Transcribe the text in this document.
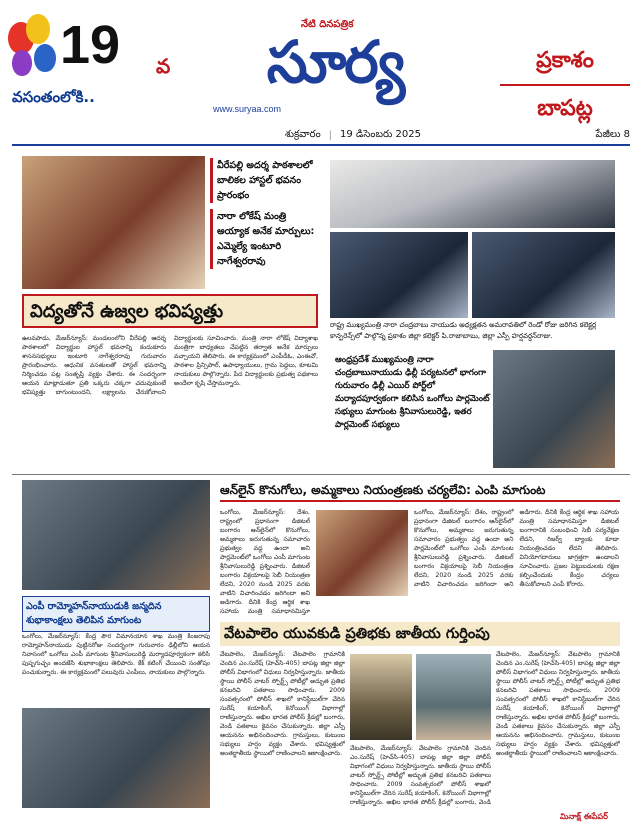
19 వ
వసంతంలోకి..
నేటి దినపత్రిక
సూర్య
www.suryaa.com
ప్రకాశం
బాపట్ల
శుక్రవారం | 19 డిసెంబరు 2025	పేజీలు 8
వీరేపల్లి అదర్శ పాఠశాలలో బాలికల హాస్టల్ భవనం ప్రారంభం
నారా లోకేష్ మంత్రి అయ్యాక అనేక మార్పులు: ఎమ్మెల్యే ఇంటూరి నాగేశ్వరరావు
విద్యతోనే ఉజ్వల భవిష్యత్తు
ఉలవపాడు, మేజర్‌న్యూస్‌: మండలంలోని వీరేపల్లి ఆదర్శ పాఠశాలలో విద్యార్థుల హాస్టల్ భవనాన్ని కందుకూరు శాసనసభ్యులు ఇంటూరి నాగేశ్వరరావు గురువారం ప్రారంభించారు. ఆధునిక వసతులతో హాస్టల్ భవనాన్ని నిర్మించడం పట్ల సంతృప్తి వ్యక్తం చేశారు. ఈ సందర్భంగా ఆయన మాట్లాడుతూ ప్రతి ఒక్కరు చక్కగా చదువుకుంటే భవిష్యత్తు బాగుంటుందని, లక్ష్యాలను చేరుకోవాలని విద్యార్థులకు సూచించారు. మంత్రి నారా లోకేష్ విద్యాశాఖ మంత్రిగా బాధ్యతలు చేపట్టిన తర్వాత అనేక మార్పులు వచ్చాయని తెలిపారు. ఈ కార్యక్రమంలో ఎంపీడీఓ, ఎంఈవో, పాఠశాల ప్రిన్సిపాల్, ఉపాధ్యాయులు, గ్రామ పెద్దలు, కూటమి నాయకులు పాల్గొన్నారు. పేద విద్యార్థులకు ప్రభుత్వ పథకాలు అందేలా కృషి చేస్తామన్నారు.
రాష్ట్ర ముఖ్యమంత్రి నారా చంద్రబాబు నాయుడు అధ్యక్షతన అమరావతిలో రెండో రోజు జరిగిన కలెక్టర్ల కాన్ఫరెన్స్‌లో పాల్గొన్న ప్రకాశం జిల్లా కలెక్టర్ పి.రాజాబాబు, జిల్లా ఎస్పీ హర్షవర్ధన్‌రాజు.
ఆంధ్రప్రదేశ్ ముఖ్యమంత్రి నారా చంద్రబాబునాయుడు ఢిల్లీ పర్యటనలో భాగంగా గురువారం ఢిల్లీ ఎయిర్ పోర్ట్‌లో మర్యాదపూర్వకంగా కలిసిన ఒంగోలు పార్లమెంట్ సభ్యులు మాగుంట శ్రీనివాసులురెడ్డి, ఇతర పార్లమెంట్ సభ్యులు
ఎంపీ రామ్మోహన్‌నాయుడుకి జన్మదిన శుభాకాంక్షలు తెలిపిన మాగుంట
ఒంగోలు, మేజర్‌న్యూస్‌: కేంద్ర పౌర విమానయాన శాఖ మంత్రి కింజరాపు రామ్మోహన్‌నాయుడు పుట్టినరోజు సందర్భంగా గురువారం ఢిల్లీలోని ఆయన నివాసంలో ఒంగోలు ఎంపీ మాగుంట శ్రీనివాసులురెడ్డి మర్యాదపూర్వకంగా కలిసి పుష్పగుచ్ఛం అందజేసి శుభాకాంక్షలు తెలిపారు. కేక్ కటింగ్ చేయించి సంతోషం పంచుకున్నారు. ఈ కార్యక్రమంలో పలువురు ఎంపీలు, నాయకులు పాల్గొన్నారు.
ఆన్‌లైన్ కొనుగోలు, అమ్మకాలు నియంత్రణకు చర్యలేవి: ఎంపి మాగుంట
ఒంగోలు, మేజర్‌న్యూస్‌: దేశం, రాష్ట్రంలో ప్రధానంగా డిజిటల్ బంగారం ఆన్‌లైన్‌లో కొనుగోలు, అమ్మకాలు జరుగుతున్న సమాచారం ప్రభుత్వం వద్ద ఉందా అని పార్లమెంట్‌లో ఒంగోలు ఎంపీ మాగుంట శ్రీనివాసులురెడ్డి ప్రశ్నించారు. డిజిటల్ బంగారం విక్రయాలపై సెబీ నియంత్రణ లేదని, 2020 నుండి 2025 వరకు వాటిని విచారించడం జరిగిందా అని అడిగారు. దీనికి కేంద్ర ఆర్థిక శాఖ సహాయ మంత్రి సమాధానమిస్తూ
ఒంగోలు, మేజర్‌న్యూస్‌: దేశం, రాష్ట్రంలో ప్రధానంగా డిజిటల్ బంగారం ఆన్‌లైన్‌లో కొనుగోలు, అమ్మకాలు జరుగుతున్న సమాచారం ప్రభుత్వం వద్ద ఉందా అని పార్లమెంట్‌లో ఒంగోలు ఎంపీ మాగుంట శ్రీనివాసులురెడ్డి ప్రశ్నించారు. డిజిటల్ బంగారం విక్రయాలపై సెబీ నియంత్రణ లేదని, 2020 నుండి 2025 వరకు వాటిని విచారించడం జరిగిందా అని అడిగారు. దీనికి కేంద్ర ఆర్థిక శాఖ సహాయ మంత్రి సమాధానమిస్తూ డిజిటల్ బంగారానికి సంబంధించి సెబీ పర్యవేక్షణ లేదని, రిజర్వ్ బ్యాంకు కూడా నియంత్రించడం లేదని తెలిపారు. వినియోగదారులు జాగ్రత్తగా ఉండాలని సూచించారు. ప్రజల పెట్టుబడులకు రక్షణ కల్పించేందుకు కేంద్రం చర్యలు తీసుకోవాలని ఎంపీ కోరారు.
వేటపాలెం యువకుడి ప్రతిభకు జాతీయ గుర్తింపు
వేటపాలెం, మేజర్‌న్యూస్‌: వేటపాలెం గ్రామానికి చెందిన ఎం.సురేష్ (హెచ్‌సి-405) బాపట్ల జిల్లా జిల్లా పోలీస్ విభాగంలో విధులు నిర్వహిస్తున్నారు. జాతీయ స్థాయి పోలీస్ వాటర్ స్పోర్ట్స్ పోటీల్లో అద్భుత ప్రతిభ కనబరిచి పతకాలు సాధించారు. 2009 సంవత్సరంలో పోలీస్ శాఖలో కానిస్టేబుల్‌గా చేరిన సురేష్ కయాకింగ్, కెనోయింగ్ విభాగాల్లో రాణిస్తున్నారు. అఖిల భారత పోలీస్ క్రీడల్లో బంగారు, వెండి పతకాలు కైవసం చేసుకున్నారు. జిల్లా ఎస్పీ ఆయనను అభినందించారు. గ్రామస్తులు, కుటుంబ సభ్యులు హర్షం వ్యక్తం చేశారు. భవిష్యత్తులో అంతర్జాతీయ స్థాయిలో రాణించాలని ఆకాంక్షించారు.
వేటపాలెం, మేజర్‌న్యూస్‌: వేటపాలెం గ్రామానికి చెందిన ఎం.సురేష్ (హెచ్‌సి-405) బాపట్ల జిల్లా జిల్లా పోలీస్ విభాగంలో విధులు నిర్వహిస్తున్నారు. జాతీయ స్థాయి పోలీస్ వాటర్ స్పోర్ట్స్ పోటీల్లో అద్భుత ప్రతిభ కనబరిచి పతకాలు సాధించారు. 2009 సంవత్సరంలో పోలీస్ శాఖలో కానిస్టేబుల్‌గా చేరిన సురేష్ కయాకింగ్, కెనోయింగ్ విభాగాల్లో రాణిస్తున్నారు. అఖిల భారత పోలీస్ క్రీడల్లో బంగారు, వెండి
వేటపాలెం, మేజర్‌న్యూస్‌: వేటపాలెం గ్రామానికి చెందిన ఎం.సురేష్ (హెచ్‌సి-405) బాపట్ల జిల్లా జిల్లా పోలీస్ విభాగంలో విధులు నిర్వహిస్తున్నారు. జాతీయ స్థాయి పోలీస్ వాటర్ స్పోర్ట్స్ పోటీల్లో అద్భుత ప్రతిభ కనబరిచి పతకాలు సాధించారు. 2009 సంవత్సరంలో పోలీస్ శాఖలో కానిస్టేబుల్‌గా చేరిన సురేష్ కయాకింగ్, కెనోయింగ్ విభాగాల్లో రాణిస్తున్నారు. అఖిల భారత పోలీస్ క్రీడల్లో బంగారు, వెండి పతకాలు కైవసం చేసుకున్నారు. జిల్లా ఎస్పీ ఆయనను అభినందించారు. గ్రామస్తులు, కుటుంబ సభ్యులు హర్షం వ్యక్తం చేశారు. భవిష్యత్తులో అంతర్జాతీయ స్థాయిలో రాణించాలని ఆకాంక్షించారు.
మినాక్ష్‌ ఈపేపర్
